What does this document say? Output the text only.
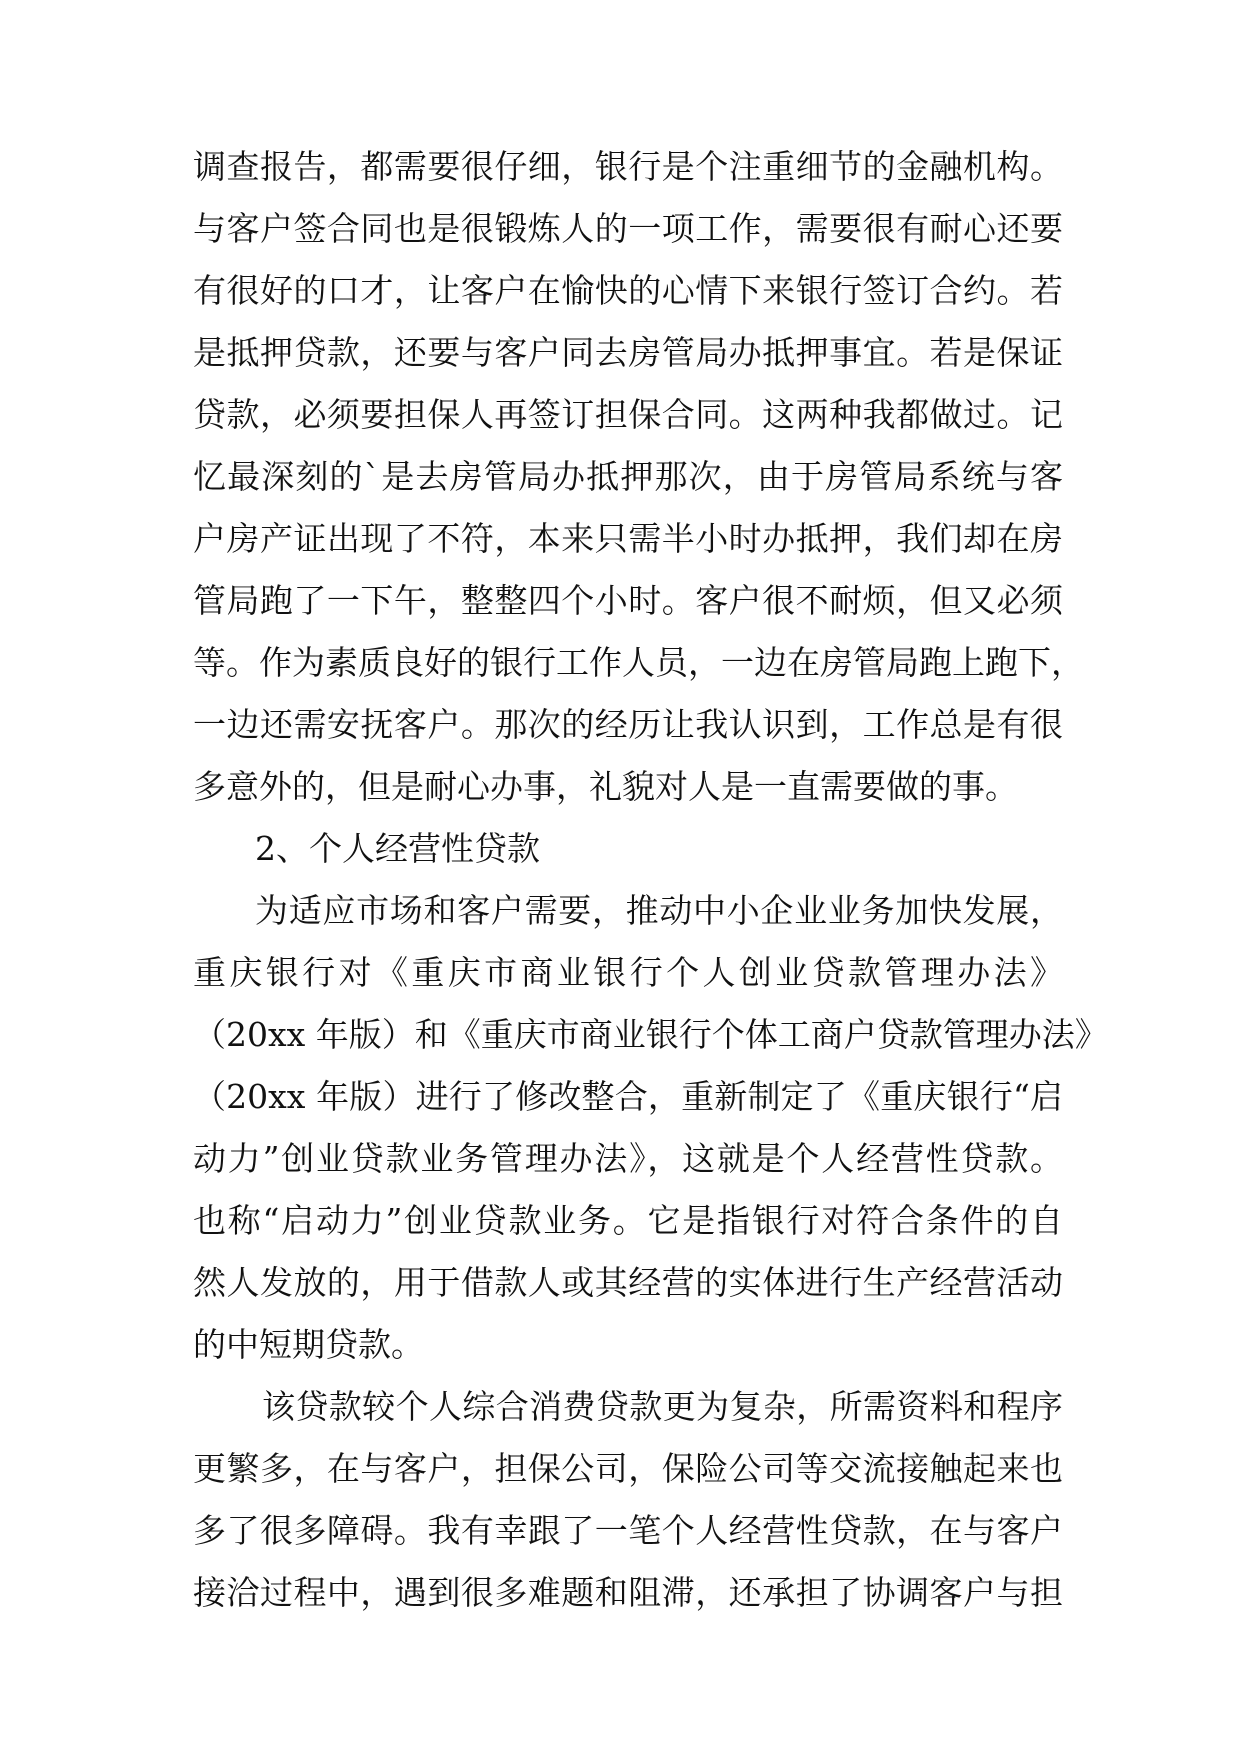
调查报告，都需要很仔细，银行是个注重细节的金融机构。
与客户签合同也是很锻炼人的一项工作，需要很有耐心还要
有很好的口才，让客户在愉快的心情下来银行签订合约。若
是抵押贷款，还要与客户同去房管局办抵押事宜。若是保证
贷款，必须要担保人再签订担保合同。这两种我都做过。记
忆最深刻的`是去房管局办抵押那次，由于房管局系统与客
户房产证出现了不符，本来只需半小时办抵押，我们却在房
管局跑了一下午，整整四个小时。客户很不耐烦，但又必须
等。作为素质良好的银行工作人员，一边在房管局跑上跑下，
一边还需安抚客户。那次的经历让我认识到，工作总是有很
多意外的，但是耐心办事，礼貌对人是一直需要做的事。
2、个人经营性贷款
为适应市场和客户需要，推动中小企业业务加快发展，
重庆银行对《重庆市商业银行个人创业贷款管理办法》
（20xx 年版）和《重庆市商业银行个体工商户贷款管理办法》
（20xx 年版）进行了修改整合，重新制定了《重庆银行“启
动力”创业贷款业务管理办法》，这就是个人经营性贷款。
也称“启动力”创业贷款业务。它是指银行对符合条件的自
然人发放的，用于借款人或其经营的实体进行生产经营活动
的中短期贷款。
该贷款较个人综合消费贷款更为复杂，所需资料和程序
更繁多，在与客户，担保公司，保险公司等交流接触起来也
多了很多障碍。我有幸跟了一笔个人经营性贷款，在与客户
接洽过程中，遇到很多难题和阻滞，还承担了协调客户与担
